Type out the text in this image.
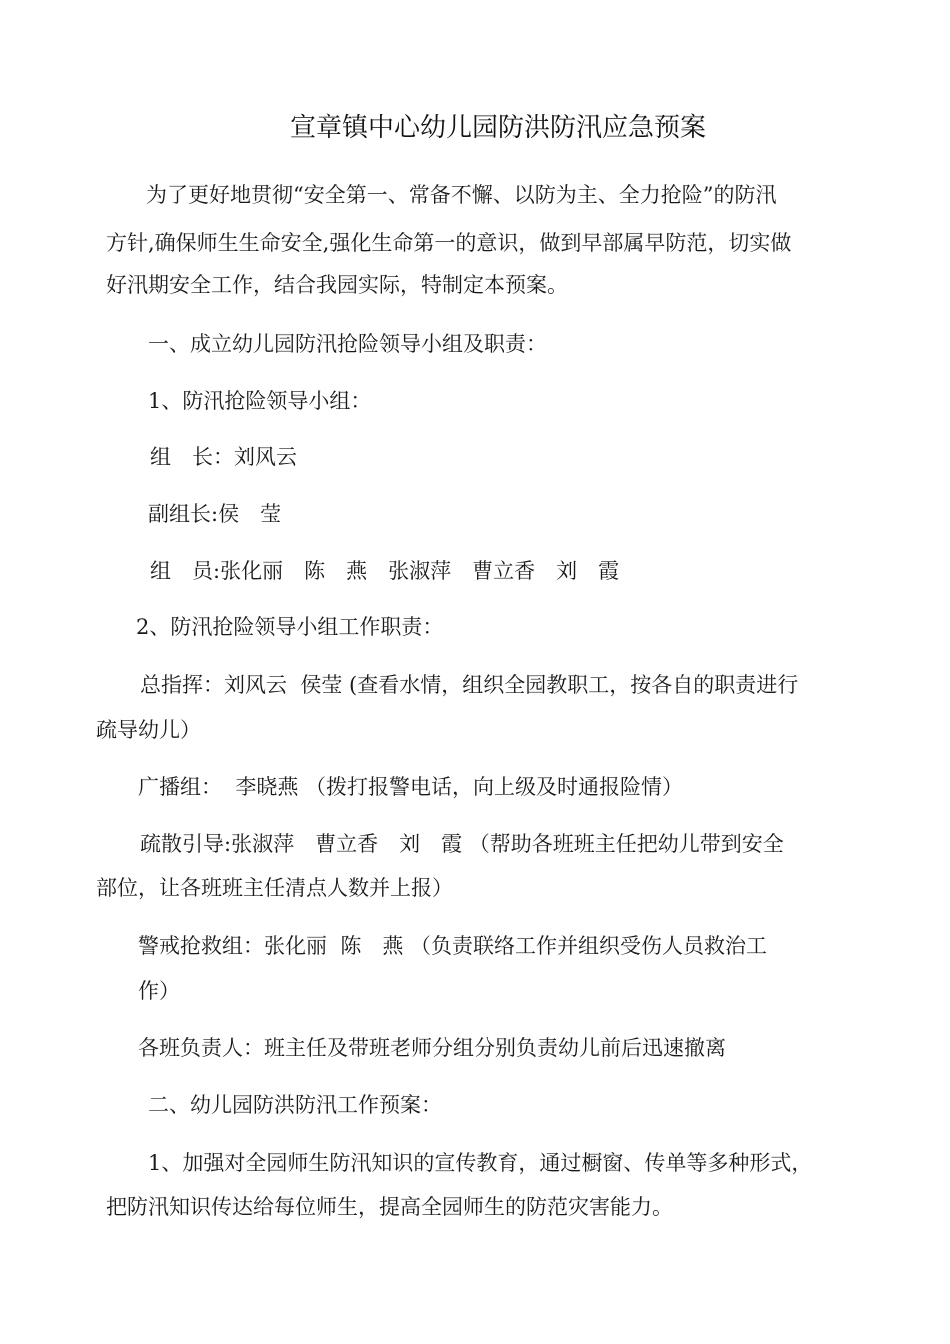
宣章镇中心幼儿园防洪防汛应急预案
为了更好地贯彻“安全第一、常备不懈、以防为主、全力抢险”的防汛
方针,确保师生生命安全,强化生命第一的意识，做到早部属早防范，切实做
好汛期安全工作，结合我园实际，特制定本预案。
一、成立幼儿园防汛抢险领导小组及职责：
1、防汛抢险领导小组：
组　长：刘风云
副组长:侯　莹
组　员:张化丽　陈　燕　张淑萍　曹立香　刘　霞
2、防汛抢险领导小组工作职责：
总指挥：刘风云  侯莹 (查看水情，组织全园教职工，按各自的职责进行
疏导幼儿）
广播组：  李晓燕 （拨打报警电话，向上级及时通报险情）
疏散引导:张淑萍　曹立香　刘　霞 （帮助各班班主任把幼儿带到安全
部位，让各班班主任清点人数并上报）
警戒抢救组：张化丽  陈　燕 （负责联络工作并组织受伤人员救治工
作）
各班负责人：班主任及带班老师分组分别负责幼儿前后迅速撤离
二、幼儿园防洪防汛工作预案：
1、加强对全园师生防汛知识的宣传教育，通过橱窗、传单等多种形式，
把防汛知识传达给每位师生，提高全园师生的防范灾害能力。
